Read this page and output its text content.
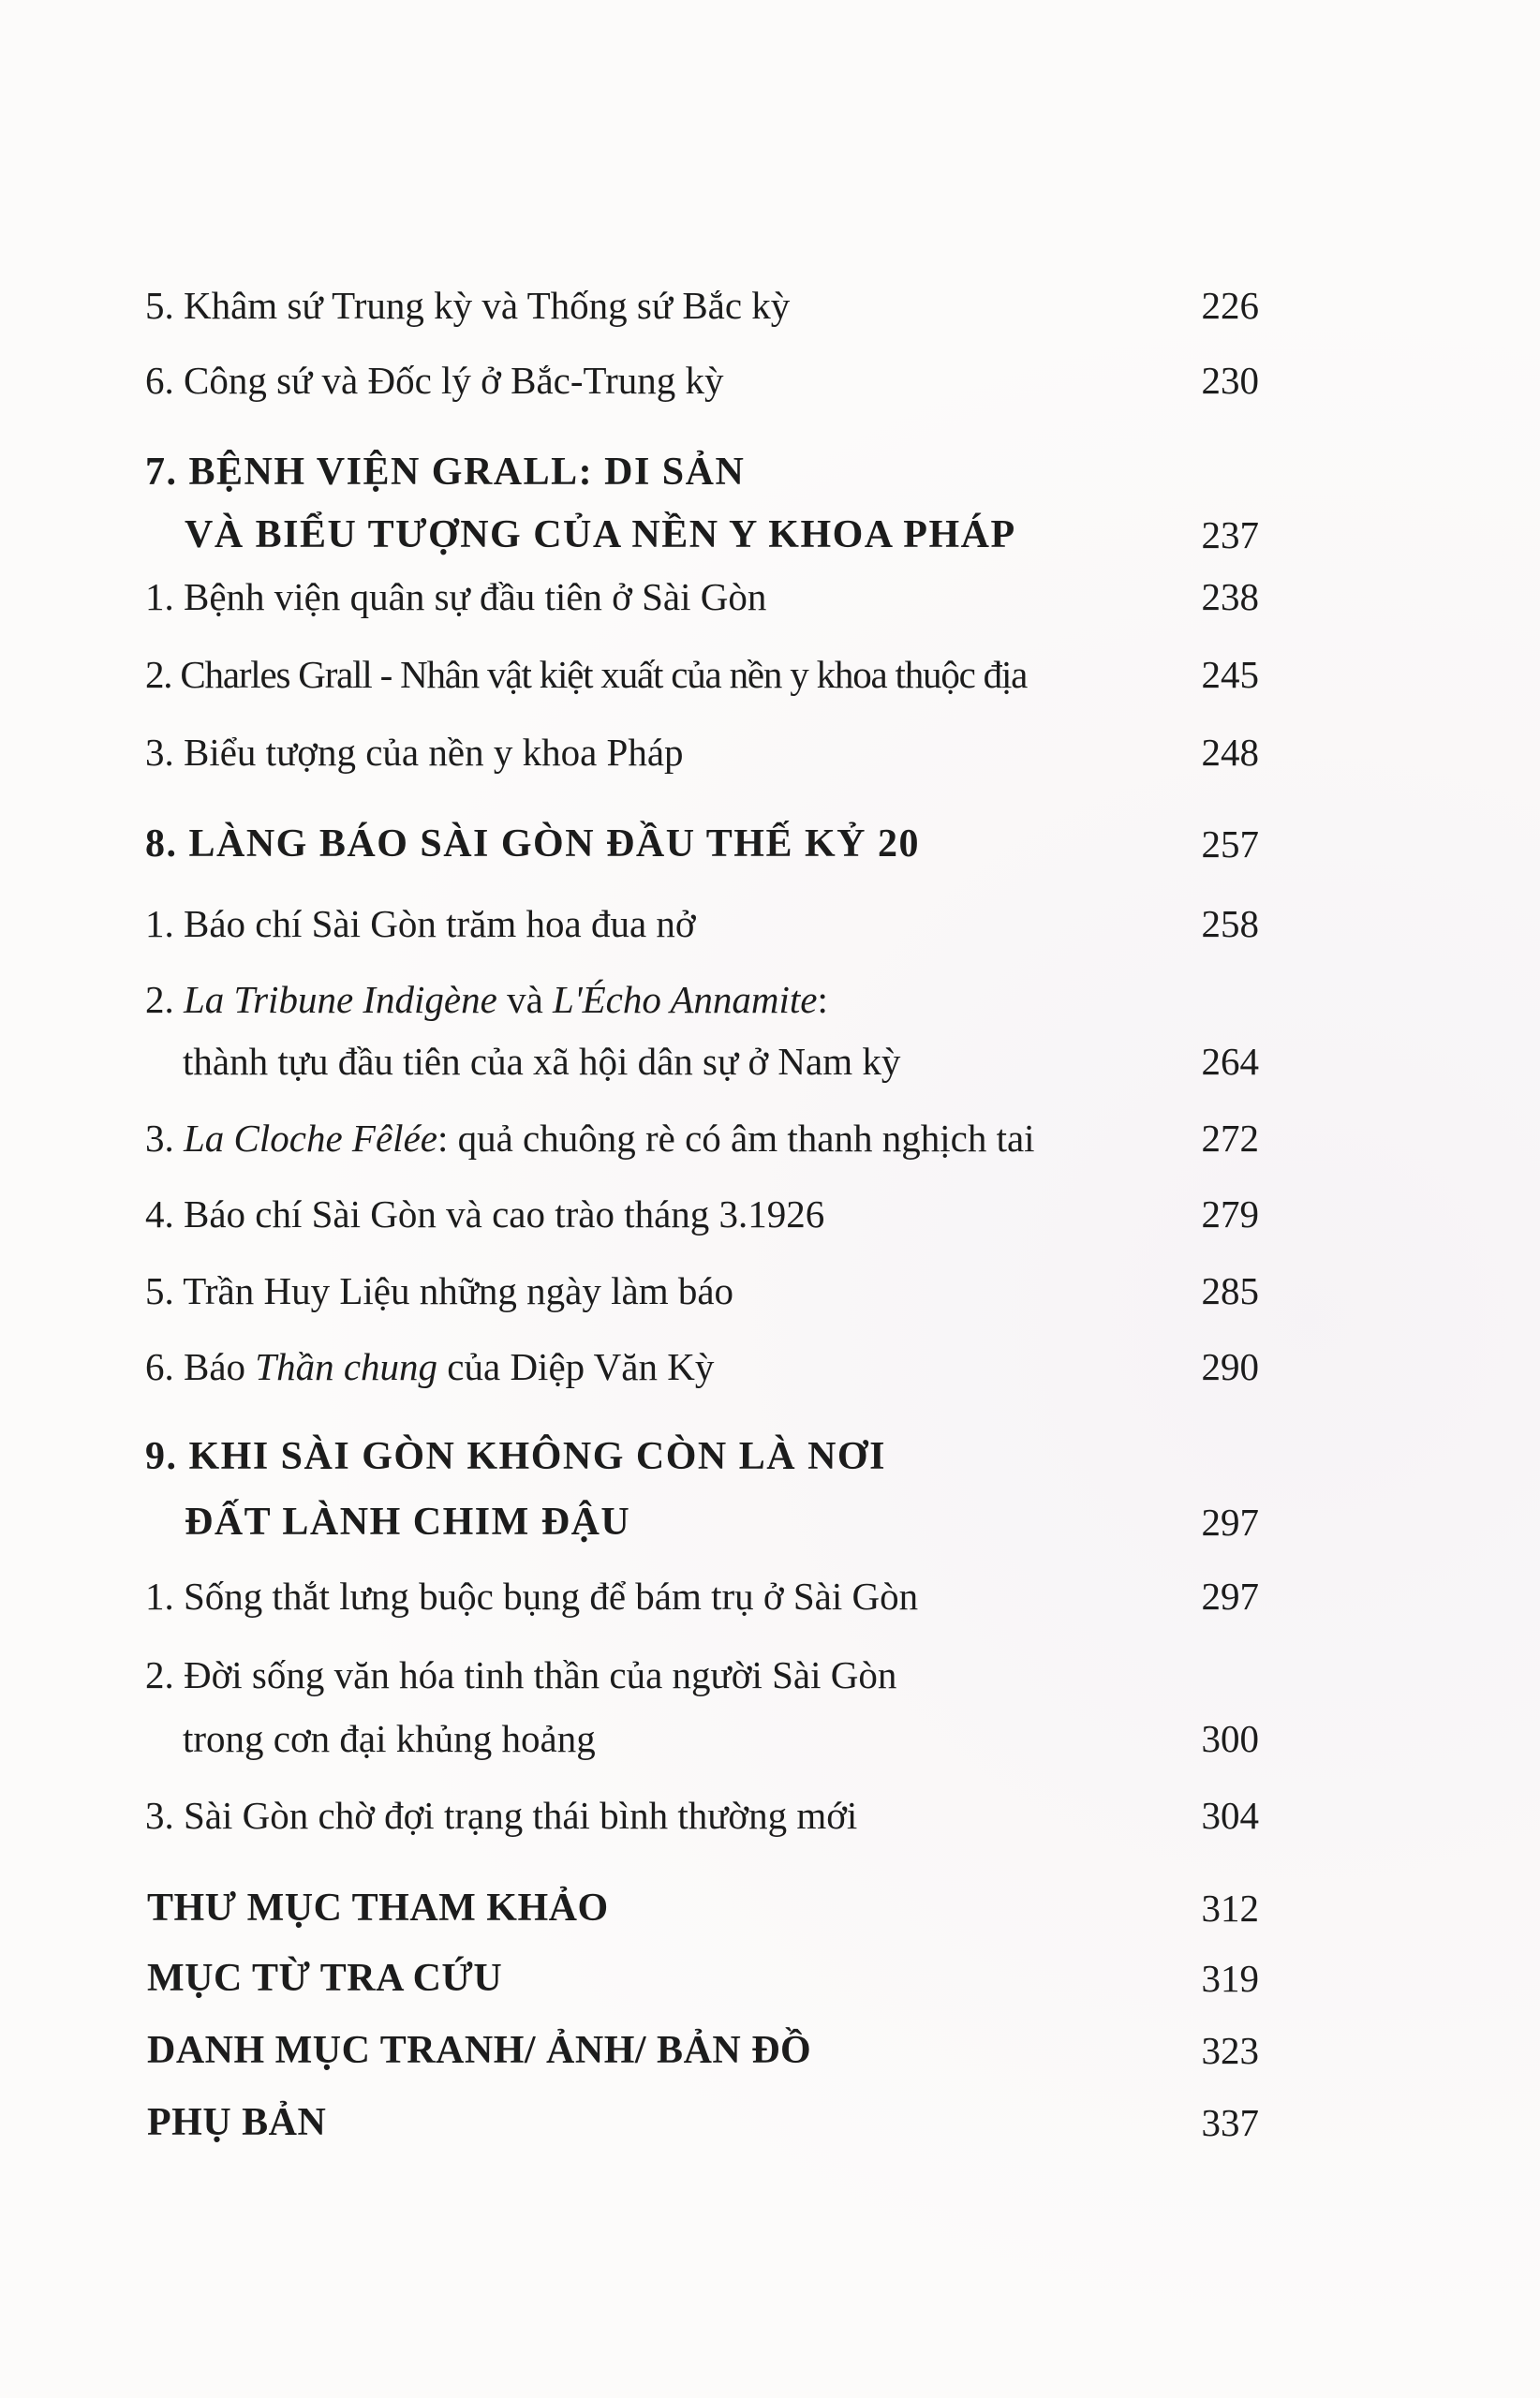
5. Khâm sứ Trung kỳ và Thống sứ Bắc kỳ	226
6. Công sứ và Đốc lý ở Bắc-Trung kỳ	230
7. BỆNH VIỆN GRALL: DI SẢN
VÀ BIỂU TƯỢNG CỦA NỀN Y KHOA PHÁP	237
1. Bệnh viện quân sự đầu tiên ở Sài Gòn	238
2. Charles Grall - Nhân vật kiệt xuất của nền y khoa thuộc địa	245
3. Biểu tượng của nền y khoa Pháp	248
8. LÀNG BÁO SÀI GÒN ĐẦU THẾ KỶ 20	257
1. Báo chí Sài Gòn trăm hoa đua nở	258
2. La Tribune Indigène và L'Écho Annamite:
thành tựu đầu tiên của xã hội dân sự ở Nam kỳ	264
3. La Cloche Fêlée: quả chuông rè có âm thanh nghịch tai	272
4. Báo chí Sài Gòn và cao trào tháng 3.1926	279
5. Trần Huy Liệu những ngày làm báo	285
6. Báo Thần chung của Diệp Văn Kỳ	290
9. KHI SÀI GÒN KHÔNG CÒN LÀ NƠI
ĐẤT LÀNH CHIM ĐẬU	297
1. Sống thắt lưng buộc bụng để bám trụ ở Sài Gòn	297
2. Đời sống văn hóa tinh thần của người Sài Gòn
trong cơn đại khủng hoảng	300
3. Sài Gòn chờ đợi trạng thái bình thường mới	304
THƯ MỤC THAM KHẢO	312
MỤC TỪ TRA CỨU	319
DANH MỤC TRANH/ ẢNH/ BẢN ĐỒ	323
PHỤ BẢN	337
